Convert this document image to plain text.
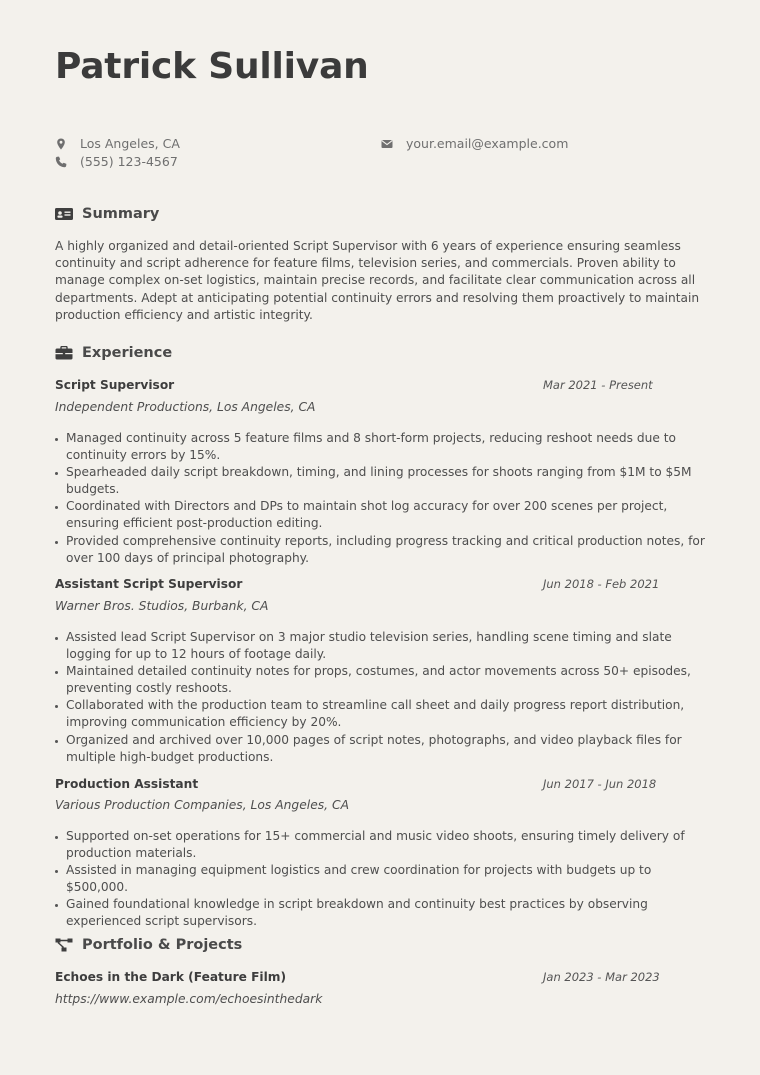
Patrick Sullivan
Los Angeles, CA
(555) 123-4567
your.email@example.com
Summary

A highly organized and detail-oriented Script Supervisor with 6 years of experience ensuring seamless continuity and script adherence for feature films, television series, and commercials. Proven ability to manage complex on-set logistics, maintain precise records, and facilitate clear communication across all departments. Adept at anticipating potential continuity errors and resolving them proactively to maintain production efficiency and artistic integrity.

Experience
Script Supervisor	Mar 2021 - Present
Independent Productions, Los Angeles, CA
Managed continuity across 5 feature films and 8 short-form projects, reducing reshoot needs due to continuity errors by 15%.
Spearheaded daily script breakdown, timing, and lining processes for shoots ranging from $1M to $5M budgets.
Coordinated with Directors and DPs to maintain shot log accuracy for over 200 scenes per project, ensuring efficient post-production editing.
Provided comprehensive continuity reports, including progress tracking and critical production notes, for over 100 days of principal photography.
Assistant Script Supervisor	Jun 2018 - Feb 2021
Warner Bros. Studios, Burbank, CA
Assisted lead Script Supervisor on 3 major studio television series, handling scene timing and slate logging for up to 12 hours of footage daily.
Maintained detailed continuity notes for props, costumes, and actor movements across 50+ episodes, preventing costly reshoots.
Collaborated with the production team to streamline call sheet and daily progress report distribution, improving communication efficiency by 20%.
Organized and archived over 10,000 pages of script notes, photographs, and video playback files for multiple high-budget productions.
Production Assistant	Jun 2017 - Jun 2018
Various Production Companies, Los Angeles, CA
Supported on-set operations for 15+ commercial and music video shoots, ensuring timely delivery of production materials.
Assisted in managing equipment logistics and crew coordination for projects with budgets up to $500,000.
Gained foundational knowledge in script breakdown and continuity best practices by observing experienced script supervisors.
Portfolio & Projects
Echoes in the Dark (Feature Film)	Jan 2023 - Mar 2023
https://www.example.com/echoesinthedark
